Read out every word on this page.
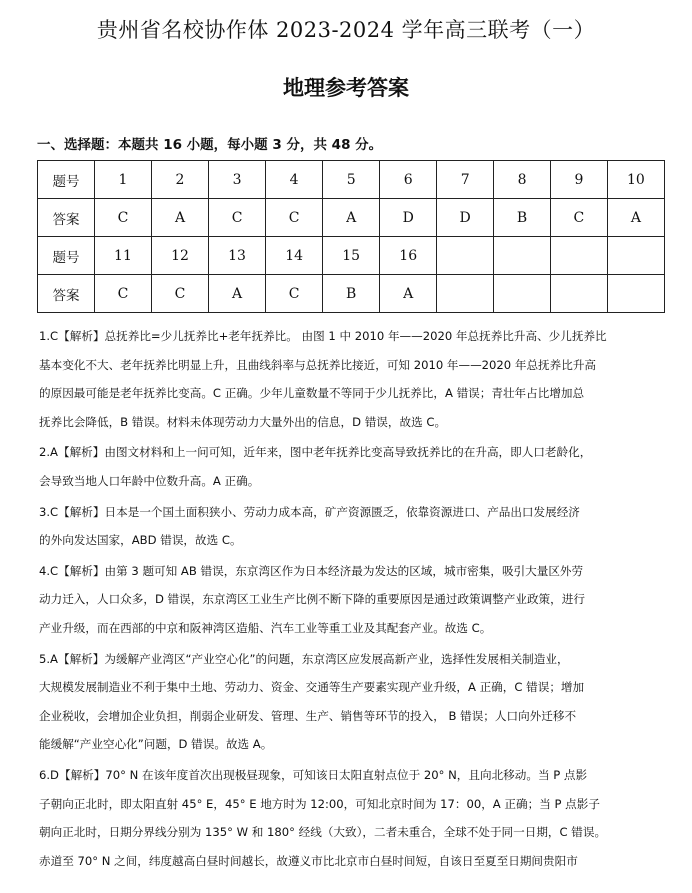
贵州省名校协作体 2023-2024 学年高三联考（一）
地理参考答案
一、选择题：本题共 16 小题，每小题 3 分，共 48 分。
题号	1	2	3	4	5	6	7	8	9	10
答案	C	A	C	C	A	D	D	B	C	A
题号	11	12	13	14	15	16				
答案	C	C	A	C	B	A				

1.C【解析】总抚养比=少儿抚养比+老年抚养比。 由图 1 中 2010 年——2020 年总抚养比升高、少儿抚养比

基本变化不大、老年抚养比明显上升，且曲线斜率与总抚养比接近，可知 2010 年——2020 年总抚养比升高

的原因最可能是老年抚养比变高。C 正确。少年儿童数量不等同于少儿抚养比，A 错误；青壮年占比增加总

抚养比会降低，B 错误。材料未体现劳动力大量外出的信息，D 错误，故选 C。

2.A【解析】由图文材料和上一问可知，近年来，图中老年抚养比变高导致抚养比的在升高，即人口老龄化，

会导致当地人口年龄中位数升高。A 正确。

3.C【解析】日本是一个国土面积狭小、劳动力成本高，矿产资源匮乏，依靠资源进口、产品出口发展经济

的外向发达国家，ABD 错误，故选 C。

4.C【解析】由第 3 题可知 AB 错误，东京湾区作为日本经济最为发达的区域，城市密集，吸引大量区外劳

动力迁入，人口众多，D 错误，东京湾区工业生产比例不断下降的重要原因是通过政策调整产业政策，进行

产业升级，而在西部的中京和阪神湾区造船、汽车工业等重工业及其配套产业。故选 C。

5.A【解析】为缓解产业湾区“产业空心化”的问题，东京湾区应发展高新产业，选择性发展相关制造业，

大规模发展制造业不利于集中土地、劳动力、资金、交通等生产要素实现产业升级，A 正确，C 错误；增加

企业税收，会增加企业负担，削弱企业研发、管理、生产、销售等环节的投入， B 错误；人口向外迁移不

能缓解“产业空心化”问题，D 错误。故选 A。

6.D【解析】70° N 在该年度首次出现极昼现象，可知该日太阳直射点位于 20° N，且向北移动。当 P 点影

子朝向正北时，即太阳直射 45° E，45° E 地方时为 12:00，可知北京时间为 17：00，A 正确；当 P 点影子

朝向正北时，日期分界线分别为 135° W 和 180° 经线（大致），二者未重合，全球不处于同一日期，C 错误。

赤道至 70° N 之间，纬度越高白昼时间越长，故遵义市比北京市白昼时间短，自该日至夏至日期间贵阳市
